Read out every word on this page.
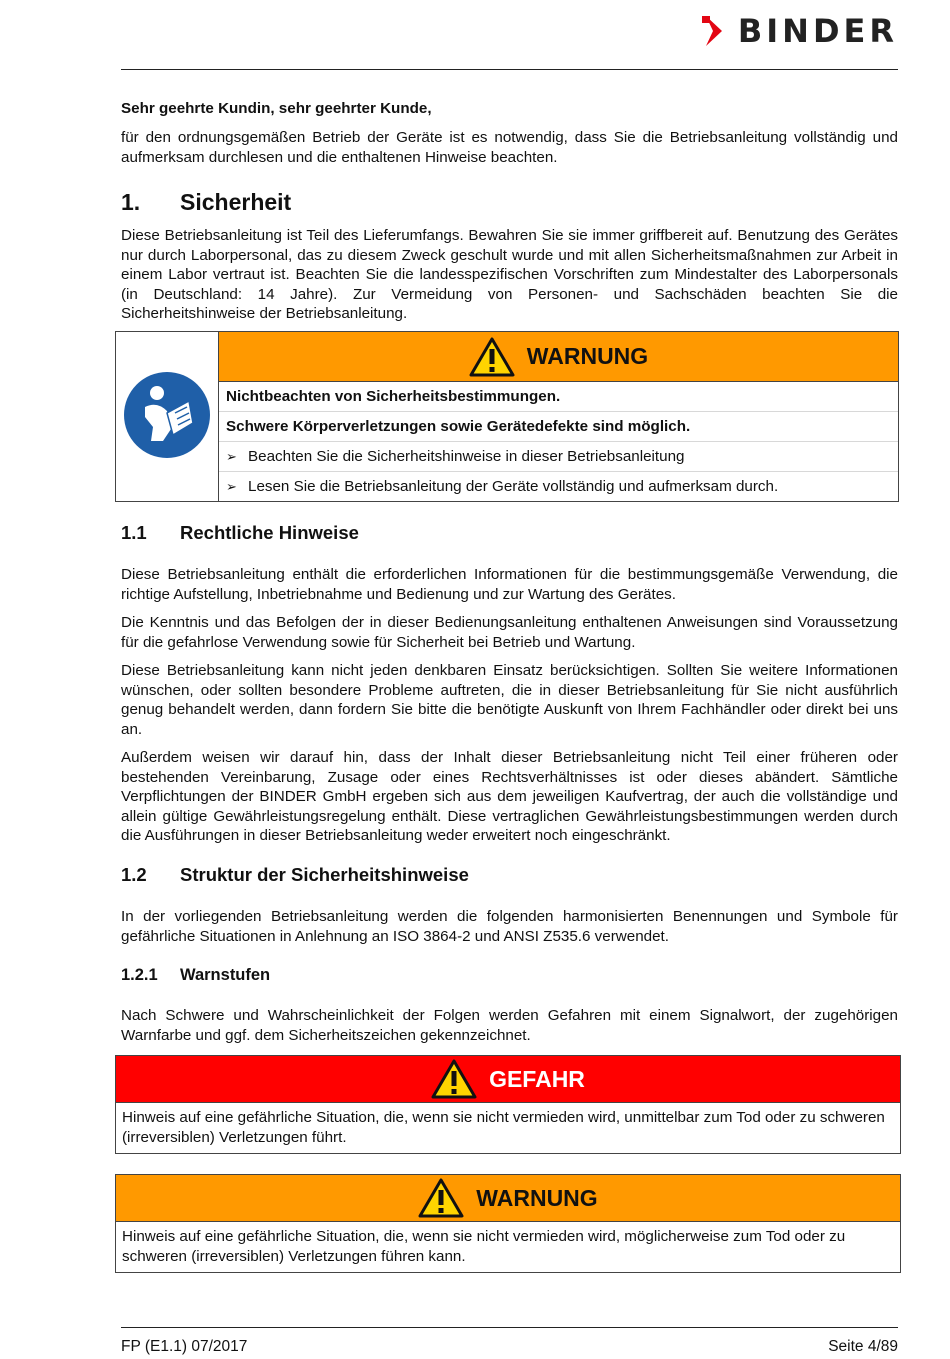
BINDER
Sehr geehrte Kundin, sehr geehrter Kunde,

für den ordnungsgemäßen Betrieb der Geräte ist es notwendig, dass Sie die Betriebsanleitung vollständig und aufmerksam durchlesen und die enthaltenen Hinweise beachten.

1.	Sicherheit

Diese Betriebsanleitung ist Teil des Lieferumfangs. Bewahren Sie sie immer griffbereit auf. Benutzung des Gerätes nur durch Laborpersonal, das zu diesem Zweck geschult wurde und mit allen Sicherheitsmaßnahmen zur Arbeit in einem Labor vertraut ist. Beachten Sie die landesspezifischen Vorschriften zum Mindestalter des Laborpersonals (in Deutschland: 14 Jahre). Zur Vermeidung von Personen- und Sachschäden beachten Sie die Sicherheitshinweise der Betriebsanleitung.

WARNUNG

Nichtbeachten von Sicherheitsbestimmungen.
Schwere Körperverletzungen sowie Gerätedefekte sind möglich.
➢ Beachten Sie die Sicherheitshinweise in dieser Betriebsanleitung
➢ Lesen Sie die Betriebsanleitung der Geräte vollständig und aufmerksam durch.
1.1	Rechtliche Hinweise

Diese Betriebsanleitung enthält die erforderlichen Informationen für die bestimmungsgemäße Verwendung, die richtige Aufstellung, Inbetriebnahme und Bedienung und zur Wartung des Gerätes.

Die Kenntnis und das Befolgen der in dieser Bedienungsanleitung enthaltenen Anweisungen sind Voraussetzung für die gefahrlose Verwendung sowie für Sicherheit bei Betrieb und Wartung.

Diese Betriebsanleitung kann nicht jeden denkbaren Einsatz berücksichtigen. Sollten Sie weitere Informationen wünschen, oder sollten besondere Probleme auftreten, die in dieser Betriebsanleitung für Sie nicht ausführlich genug behandelt werden, dann fordern Sie bitte die benötigte Auskunft von Ihrem Fachhändler oder direkt bei uns an.

Außerdem weisen wir darauf hin, dass der Inhalt dieser Betriebsanleitung nicht Teil einer früheren oder bestehenden Vereinbarung, Zusage oder eines Rechtsverhältnisses ist oder dieses abändert. Sämtliche Verpflichtungen der BINDER GmbH ergeben sich aus dem jeweiligen Kaufvertrag, der auch die vollständige und allein gültige Gewährleistungsregelung enthält. Diese vertraglichen Gewährleistungsbestimmungen werden durch die Ausführungen in dieser Betriebsanleitung weder erweitert noch eingeschränkt.

1.2	Struktur der Sicherheitshinweise

In der vorliegenden Betriebsanleitung werden die folgenden harmonisierten Benennungen und Symbole für gefährliche Situationen in Anlehnung an ISO 3864-2 und ANSI Z535.6 verwendet.

1.2.1	Warnstufen

Nach Schwere und Wahrscheinlichkeit der Folgen werden Gefahren mit einem Signalwort, der zugehörigen Warnfarbe und ggf. dem Sicherheitszeichen gekennzeichnet.

GEFAHR
Hinweis auf eine gefährliche Situation, die, wenn sie nicht vermieden wird, unmittelbar zum Tod oder zu schweren (irreversiblen) Verletzungen führt.
WARNUNG
Hinweis auf eine gefährliche Situation, die, wenn sie nicht vermieden wird, möglicherweise zum Tod oder zu schweren (irreversiblen) Verletzungen führen kann.
FP (E1.1) 07/2017	Seite 4/89
